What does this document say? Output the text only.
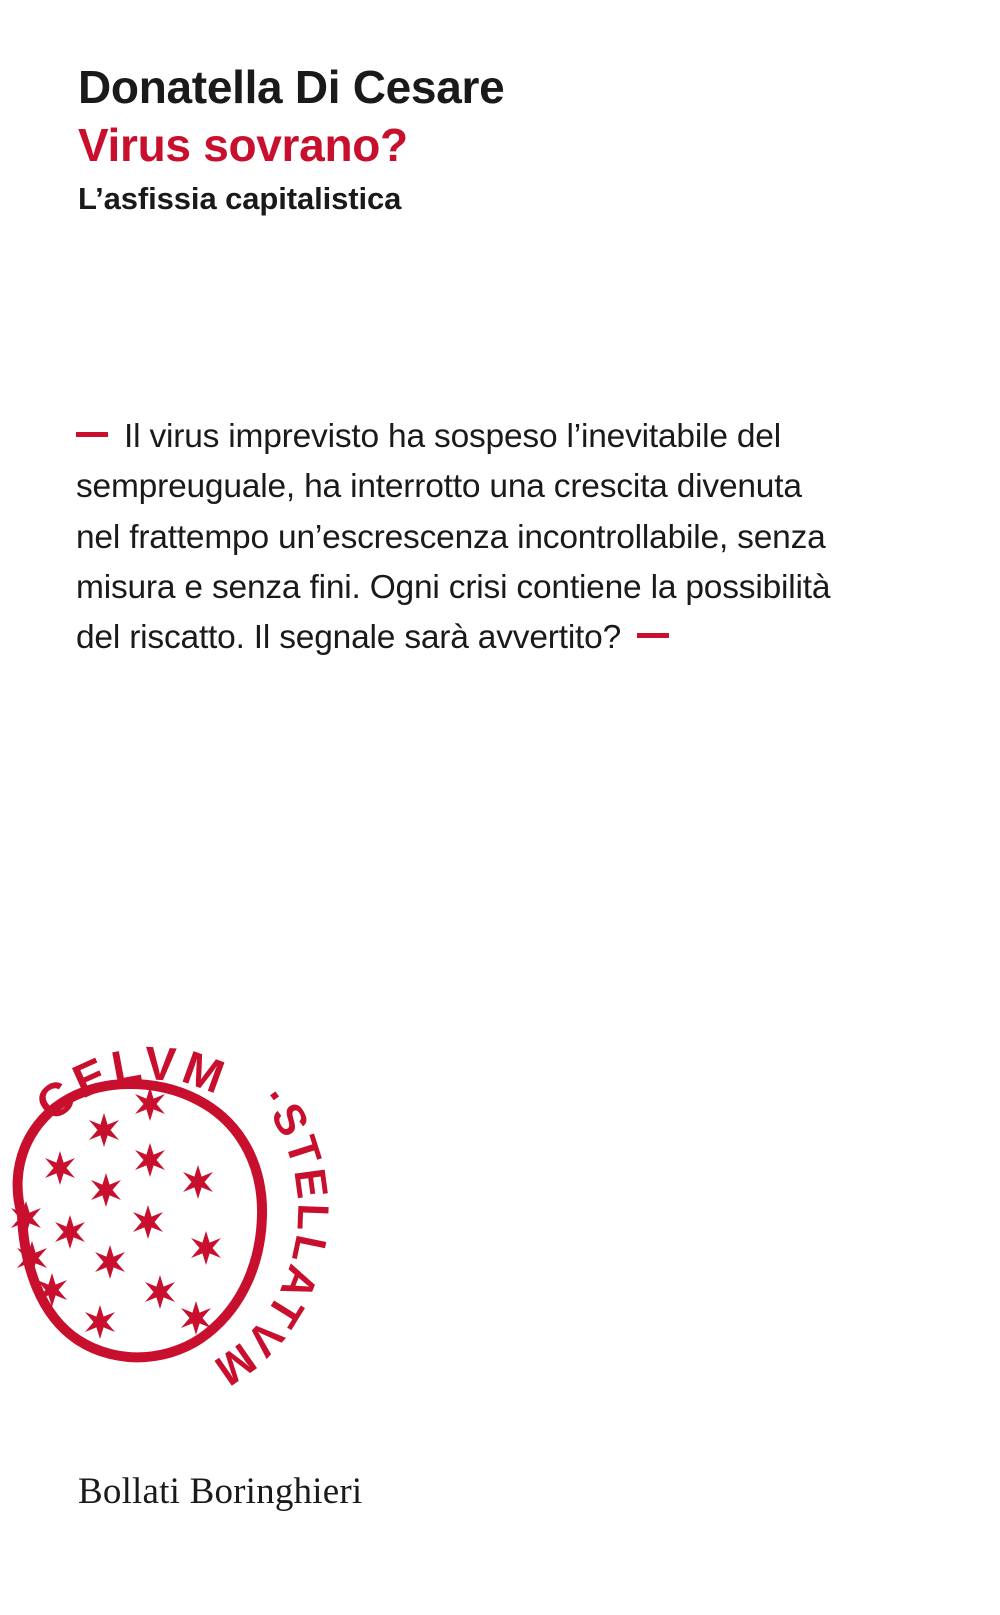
Donatella Di Cesare
Virus sovrano?
L’asfissia capitalistica
Il virus imprevisto ha sospeso l’inevitabile del sempreuguale, ha interrotto una crescita divenuta nel frattempo un’escrescenza incontrollabile, senza misura e senza fini. Ogni crisi contiene la possibilità del riscatto. Il segnale sarà avvertito?
CELVM ·STELLATVM
Bollati Boringhieri
